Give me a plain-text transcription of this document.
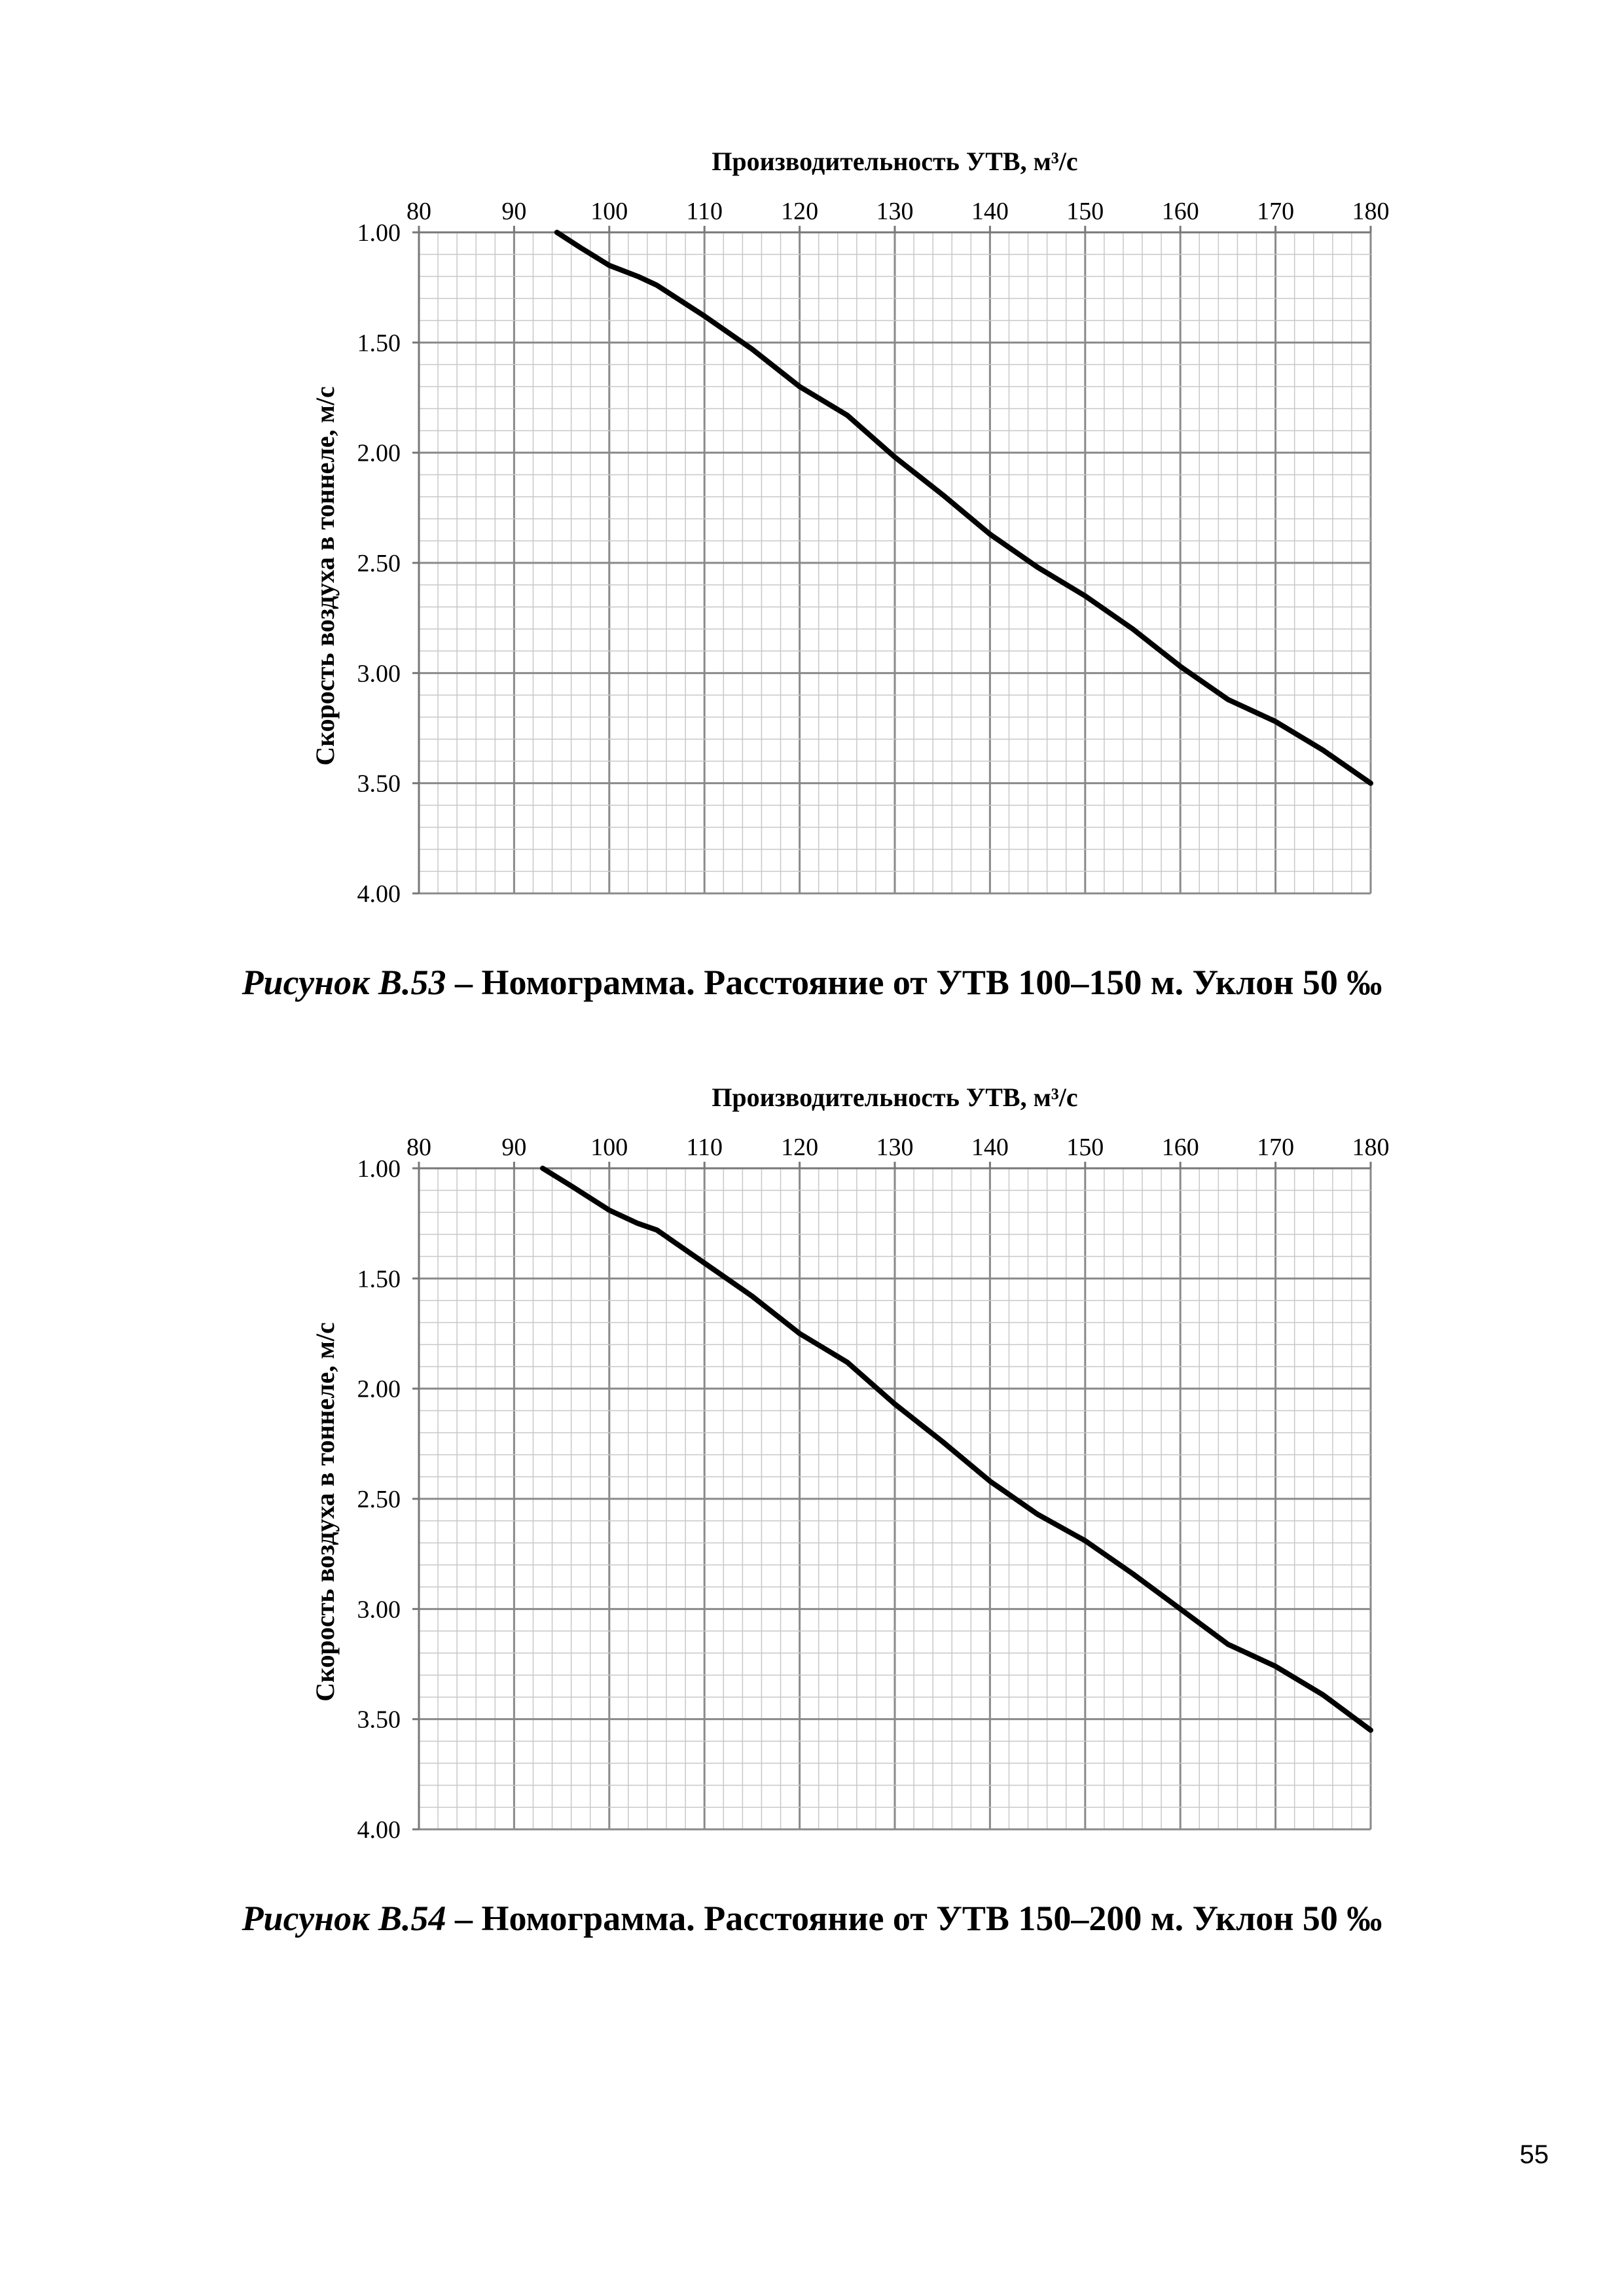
80	90	100 110 120 130 140 150 160 170 180
1.00
1.50
2.00
2.50
3.00
3.50
4.00
Производительность УТВ, м³/с
Скорость воздуха в тоннеле, м/с
Рисунок В.53 – Номограмма. Расстояние от УТВ 100–150 м. Уклон 50 ‰
80	90	100 110 120 130 140 150 160 170 180
1.00
1.50
2.00
2.50
3.00
3.50
4.00
Производительность УТВ, м³/с
Скорость воздуха в тоннеле, м/с
Рисунок В.54 – Номограмма. Расстояние от УТВ 150–200 м. Уклон 50 ‰
55
